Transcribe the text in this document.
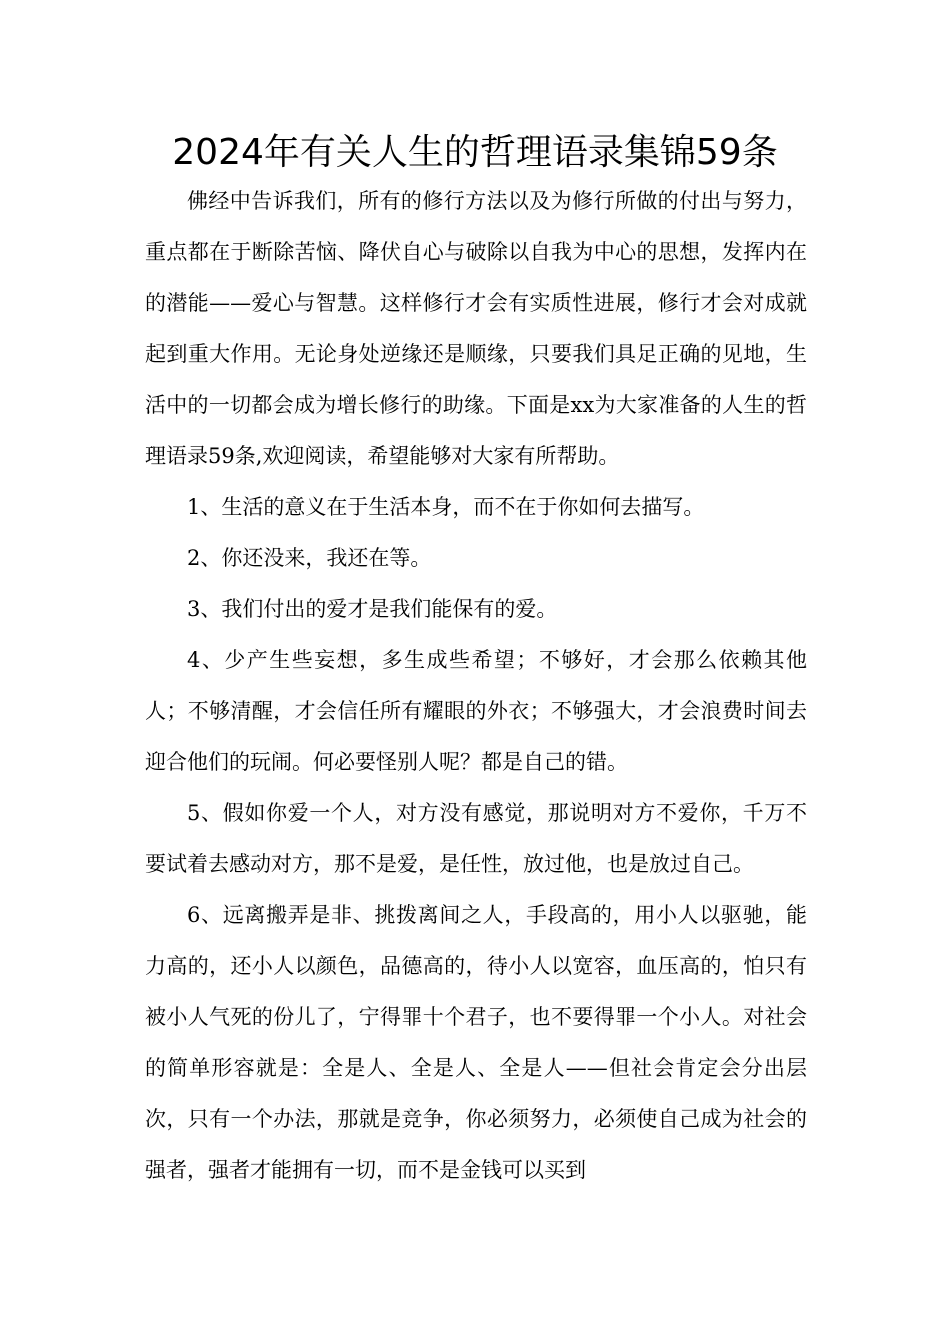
2024年有关人生的哲理语录集锦59条

佛经中告诉我们，所有的修行方法以及为修行所做的付出与努力，重点都在于断除苦恼、降伏自心与破除以自我为中心的思想，发挥内在的潜能——爱心与智慧。这样修行才会有实质性进展，修行才会对成就起到重大作用。无论身处逆缘还是顺缘，只要我们具足正确的见地，生活中的一切都会成为增长修行的助缘。下面是xx为大家准备的人生的哲理语录59条,欢迎阅读，希望能够对大家有所帮助。

1、生活的意义在于生活本身，而不在于你如何去描写。

2、你还没来，我还在等。

3、我们付出的爱才是我们能保有的爱。

4、少产生些妄想，多生成些希望；不够好，才会那么依赖其他人；不够清醒，才会信任所有耀眼的外衣；不够强大，才会浪费时间去迎合他们的玩闹。何必要怪别人呢？都是自己的错。

5、假如你爱一个人，对方没有感觉，那说明对方不爱你，千万不要试着去感动对方，那不是爱，是任性，放过他，也是放过自己。

6、远离搬弄是非、挑拨离间之人，手段高的，用小人以驱驰，能力高的，还小人以颜色，品德高的，待小人以宽容，血压高的，怕只有被小人气死的份儿了，宁得罪十个君子，也不要得罪一个小人。对社会的简单形容就是：全是人、全是人、全是人——但社会肯定会分出层次，只有一个办法，那就是竞争，你必须努力，必须使自己成为社会的强者，强者才能拥有一切，而不是金钱可以买到
